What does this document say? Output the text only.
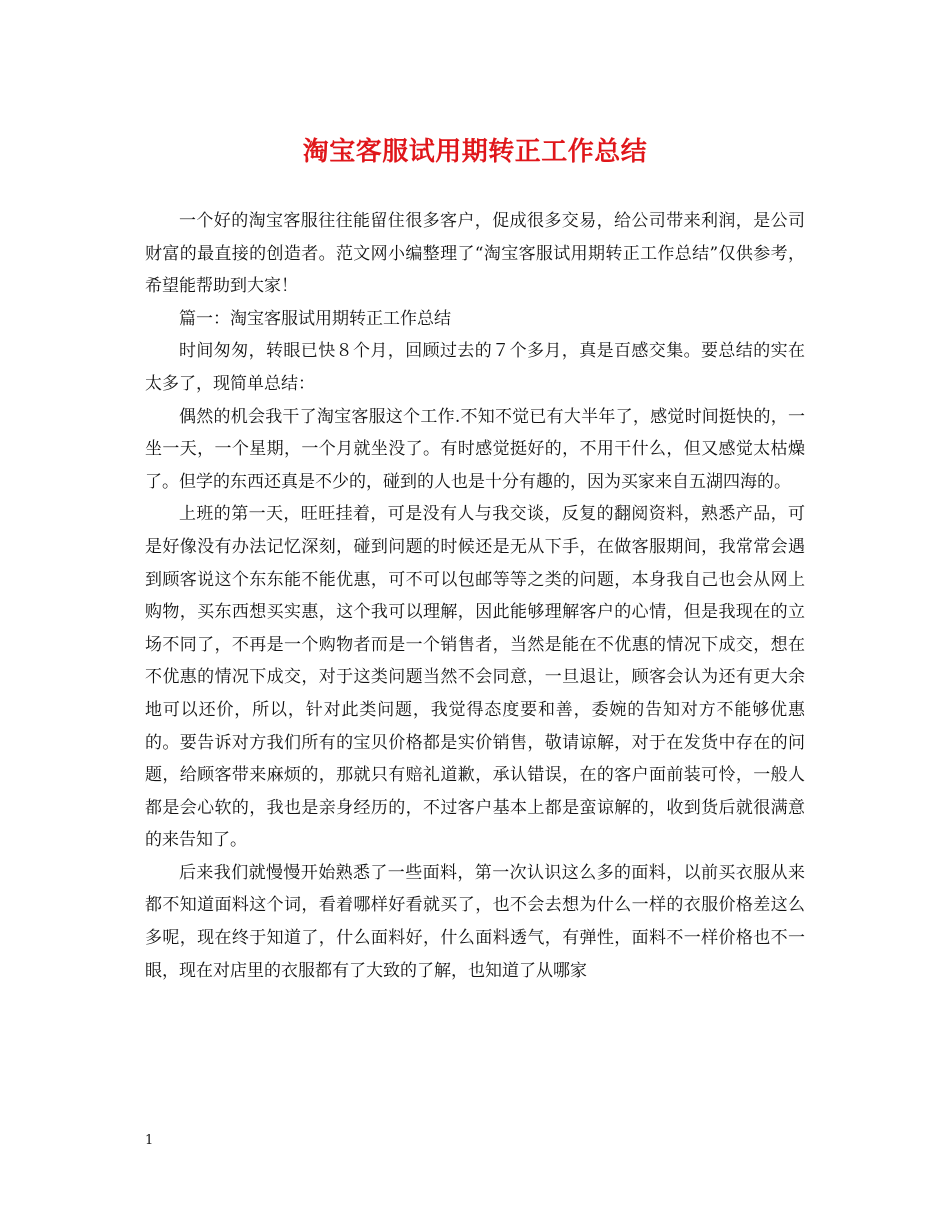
淘宝客服试用期转正工作总结

一个好的淘宝客服往往能留住很多客户，促成很多交易，给公司带来利润，是公司财富的最直接的创造者。范文网小编整理了“淘宝客服试用期转正工作总结”仅供参考，希望能帮助到大家！

篇一：淘宝客服试用期转正工作总结

时间匆匆，转眼已快８个月，回顾过去的７个多月，真是百感交集。要总结的实在太多了，现简单总结：

偶然的机会我干了淘宝客服这个工作.不知不觉已有大半年了，感觉时间挺快的，一坐一天，一个星期，一个月就坐没了。有时感觉挺好的，不用干什么，但又感觉太枯燥了。但学的东西还真是不少的，碰到的人也是十分有趣的，因为买家来自五湖四海的。

上班的第一天，旺旺挂着，可是没有人与我交谈，反复的翻阅资料，熟悉产品，可是好像没有办法记忆深刻，碰到问题的时候还是无从下手，在做客服期间，我常常会遇到顾客说这个东东能不能优惠，可不可以包邮等等之类的问题，本身我自己也会从网上购物，买东西想买实惠，这个我可以理解，因此能够理解客户的心情，但是我现在的立场不同了，不再是一个购物者而是一个销售者，当然是能在不优惠的情况下成交，想在不优惠的情况下成交，对于这类问题当然不会同意，一旦退让，顾客会认为还有更大余地可以还价，所以，针对此类问题，我觉得态度要和善，委婉的告知对方不能够优惠的。要告诉对方我们所有的宝贝价格都是实价销售，敬请谅解，对于在发货中存在的问题，给顾客带来麻烦的，那就只有赔礼道歉，承认错误，在的客户面前装可怜，一般人都是会心软的，我也是亲身经历的，不过客户基本上都是蛮谅解的，收到货后就很满意的来告知了。

后来我们就慢慢开始熟悉了一些面料，第一次认识这么多的面料，以前买衣服从来都不知道面料这个词，看着哪样好看就买了，也不会去想为什么一样的衣服价格差这么多呢，现在终于知道了，什么面料好，什么面料透气，有弹性，面料不一样价格也不一眼，现在对店里的衣服都有了大致的了解，也知道了从哪家

1
